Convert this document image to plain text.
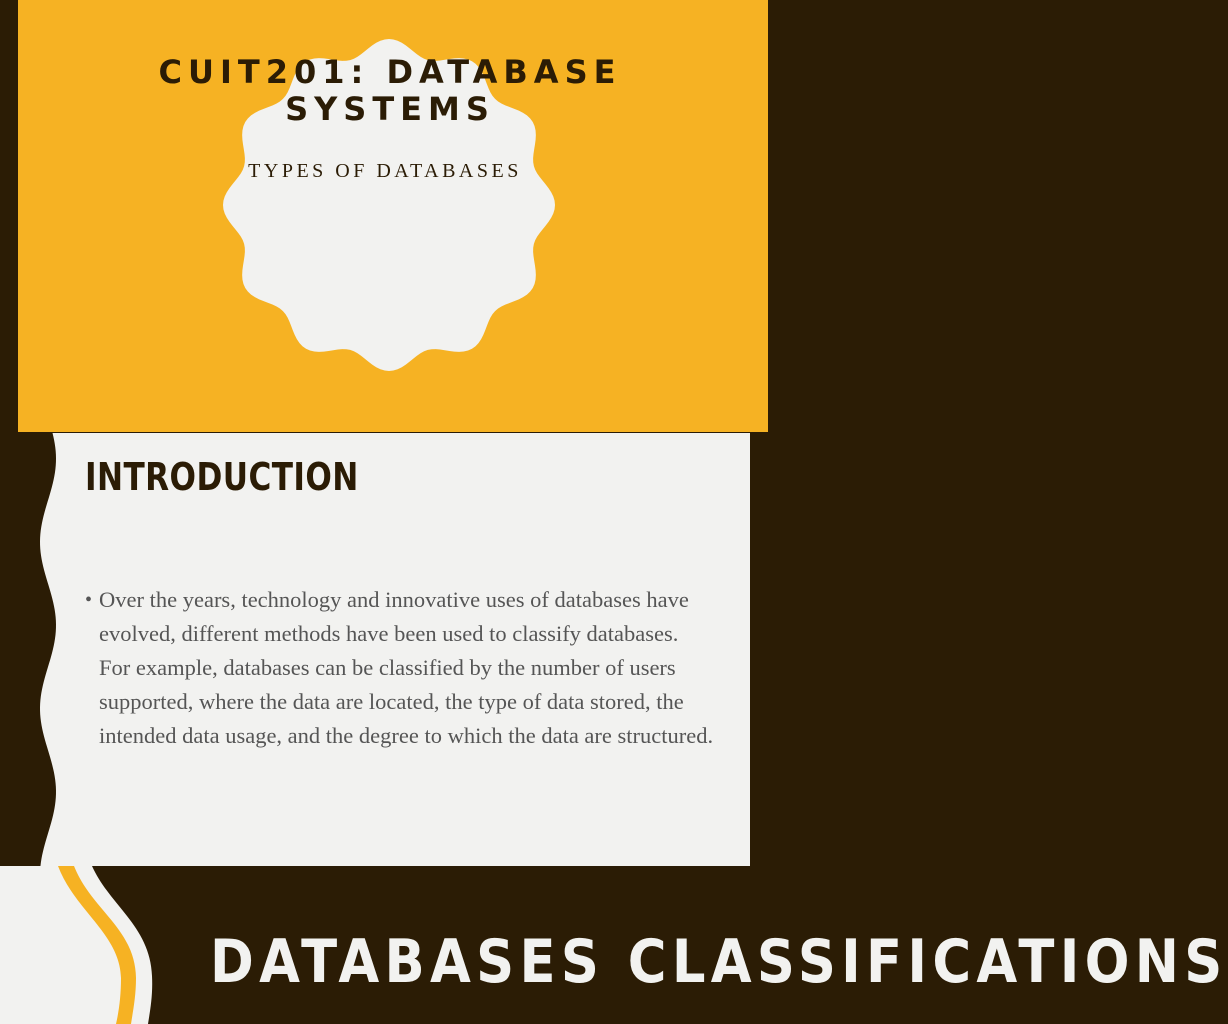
CUIT201: DATABASE SYSTEMS
TYPES OF DATABASES
INTRODUCTION
• Over the years, technology and innovative uses of databases have evolved, different methods have been used to classify databases. For example, databases can be classified by the number of users supported, where the data are located, the type of data stored, the intended data usage, and the degree to which the data are structured.
DATABASES CLASSIFICATIONS
